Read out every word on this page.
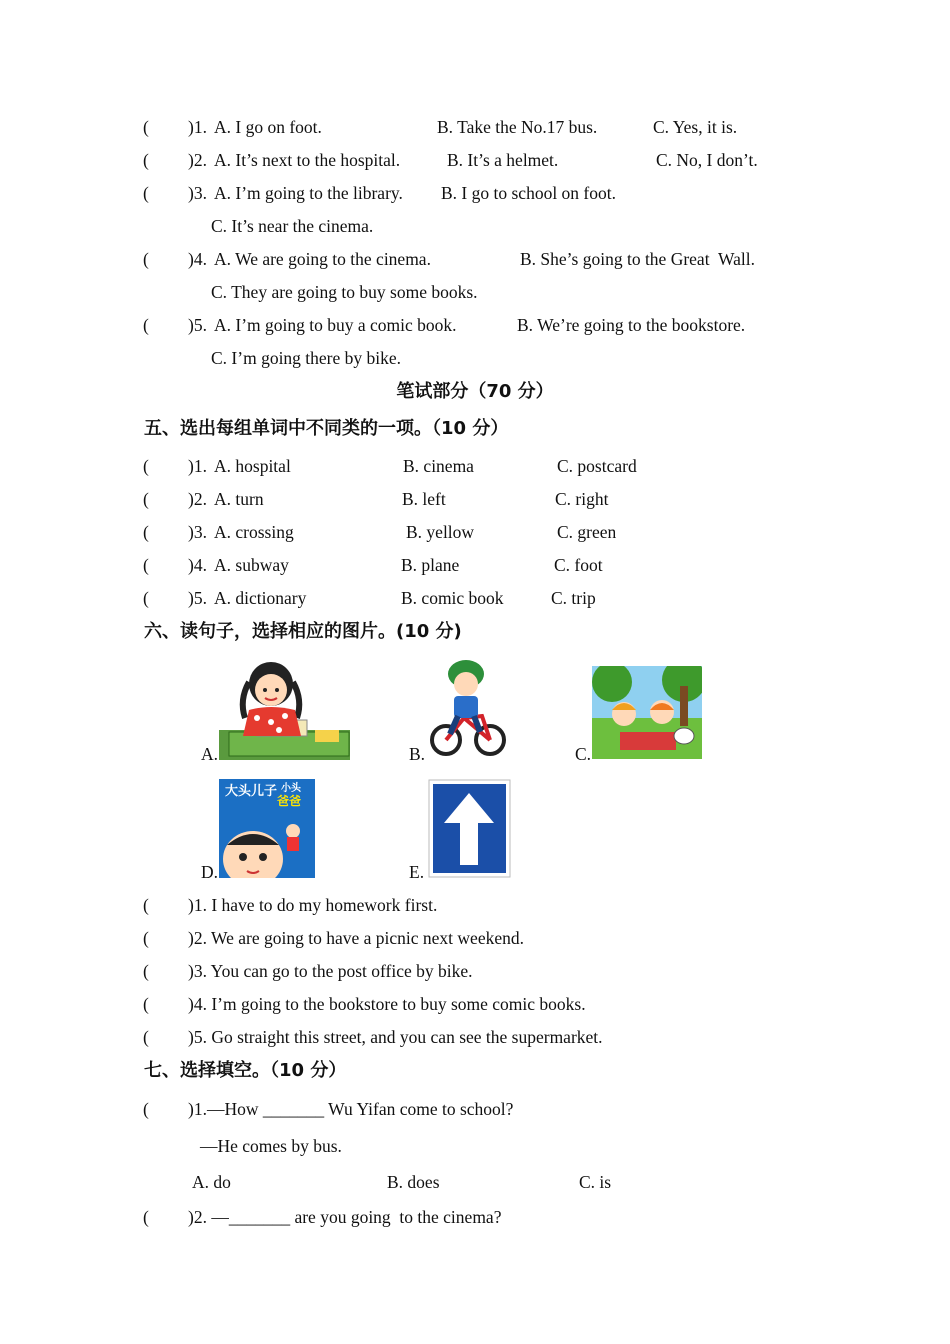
( )1. A. I go on foot.	B. Take the No.17 bus.	C. Yes, it is.
( )2. A. It’s next to the hospital.	B. It’s a helmet.	C. No, I don’t.
( )3. A. I’m going to the library. B. I go to school on foot.
C. It’s near the cinema.
( )4. A. We are going to the cinema.	B. She’s going to the Great  Wall.
C. They are going to buy some books.
( )5. A. I’m going to buy a comic book.	B. We’re going to the bookstore.
C. I’m going there by bike.
笔试部分（70 分）
五、选出每组单词中不同类的一项。（10 分）
( )1. A. hospital	B. cinema	C. postcard
( )2. A. turn	B. left	C. right
( )3. A. crossing	B. yellow	C. green
( )4. A. subway	B. plane	C. foot
( )5. A. dictionary	B. comic book	C. trip
六、读句子，选择相应的图片。(10 分)
A.	B.	C.
D.
大头儿子 小头
爸爸
E.
( )1. I have to do my homework first.
( )2. We are going to have a picnic next weekend.
( )3. You can go to the post office by bike.
( )4. I’m going to the bookstore to buy some comic books.
( )5. Go straight this street, and you can see the supermarket.
七、选择填空。（10 分）
( )1.—How _______ Wu Yifan come to school?
—He comes by bus.
A. do	B. does	C. is
( )2. —_______ are you going  to the cinema?
